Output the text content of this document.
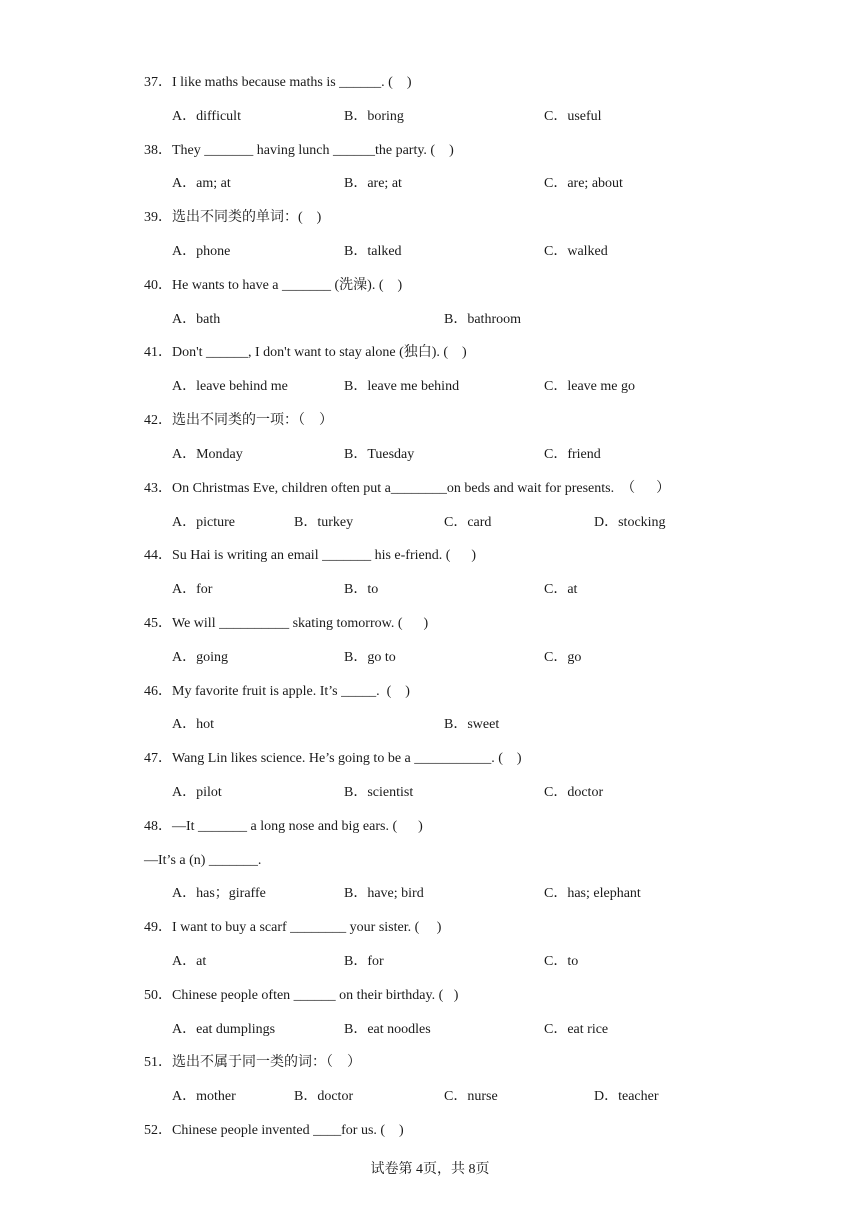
37．I like maths because maths is ______. (    )
A．difficult	B．boring	C．useful
38．They _______ having lunch ______the party. (    )
A．am; at	B．are; at	C．are; about
39．选出不同类的单词：(    )
A．phone	B．talked	C．walked
40．He wants to have a _______ (洗澡). (    )
A．bath	B．bathroom
41．Don't ______, I don't want to stay alone (独白). (    )
A．leave behind me	B．leave me behind	C．leave me go
42．选出不同类的一项：（    ）
A．Monday	B．Tuesday	C．friend
43．On Christmas Eve, children often put a________on beds and wait for presents.  （      ）
A．picture	B．turkey	C．card	D．stocking
44．Su Hai is writing an email _______ his e-friend. (      )
A．for	B．to	C．at
45．We will __________ skating tomorrow. (      )
A．going	B．go to	C．go
46．My favorite fruit is apple. It’s _____.  (    )
A．hot	B．sweet
47．Wang Lin likes science. He’s going to be a ___________. (    )
A．pilot	B．scientist	C．doctor
48．—It _______ a long nose and big ears. (      )
—It’s a (n) _______.
A．has；giraffe	B．have; bird	C．has; elephant
49．I want to buy a scarf ________ your sister. (     )
A．at	B．for	C．to
50．Chinese people often ______ on their birthday. (   )
A．eat dumplings	B．eat noodles	C．eat rice
51．选出不属于同一类的词：（    ）
A．mother	B．doctor	C．nurse	D．teacher
52．Chinese people invented ____for us. (    )
试卷第 4页，共 8页
